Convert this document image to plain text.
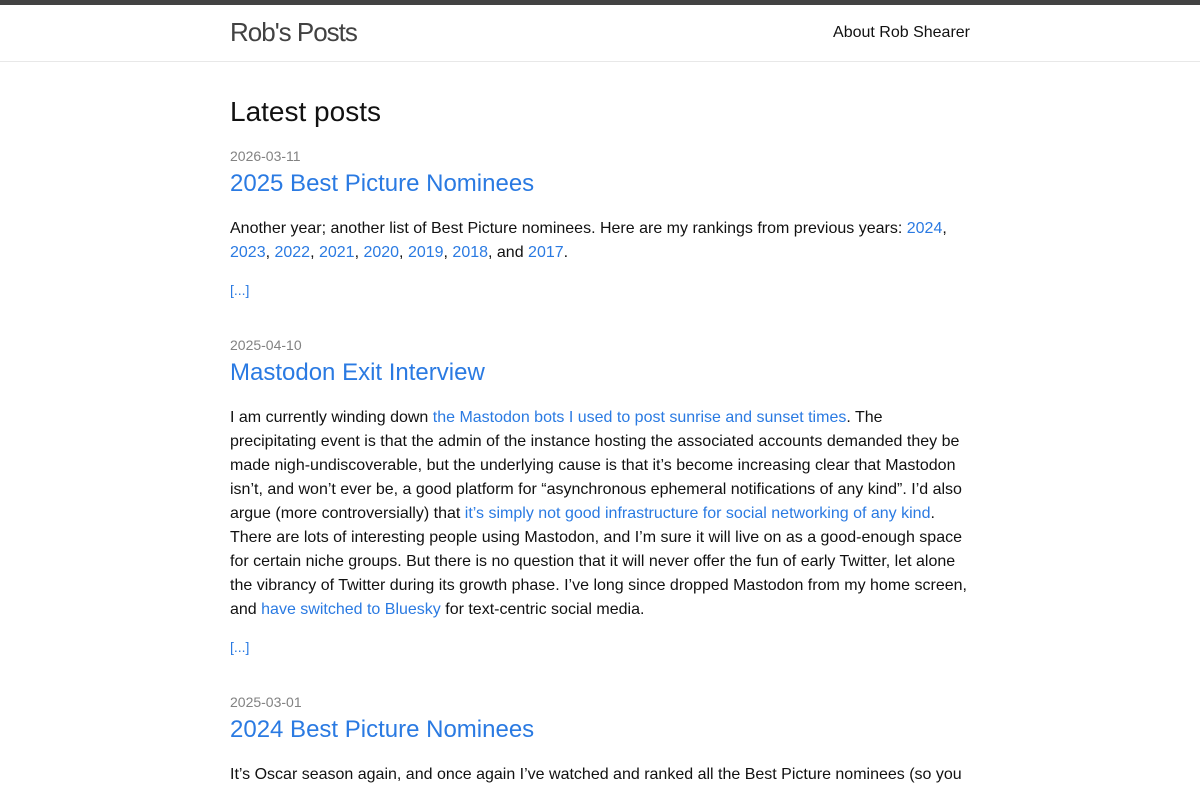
Rob's Posts	About Rob Shearer
Latest posts
2026-03-11
2025 Best Picture Nominees

Another year; another list of Best Picture nominees. Here are my rankings from previous years: 2024, 2023, 2022, 2021, 2020, 2019, 2018, and 2017.

[...]
2025-04-10
Mastodon Exit Interview

I am currently winding down the Mastodon bots I used to post sunrise and sunset times. The precipitating event is that the admin of the instance hosting the associated accounts demanded they be made nigh-undiscoverable, but the underlying cause is that it’s become increasing clear that Mastodon isn’t, and won’t ever be, a good platform for “asynchronous ephemeral notifications of any kind”. I’d also argue (more controversially) that it’s simply not good infrastructure for social networking of any kind. There are lots of interesting people using Mastodon, and I’m sure it will live on as a good-enough space for certain niche groups. But there is no question that it will never offer the fun of early Twitter, let alone the vibrancy of Twitter during its growth phase. I’ve long since dropped Mastodon from my home screen, and have switched to Bluesky for text-centric social media.

[...]
2025-03-01
2024 Best Picture Nominees

It’s Oscar season again, and once again I’ve watched and ranked all the Best Picture nominees (so you
